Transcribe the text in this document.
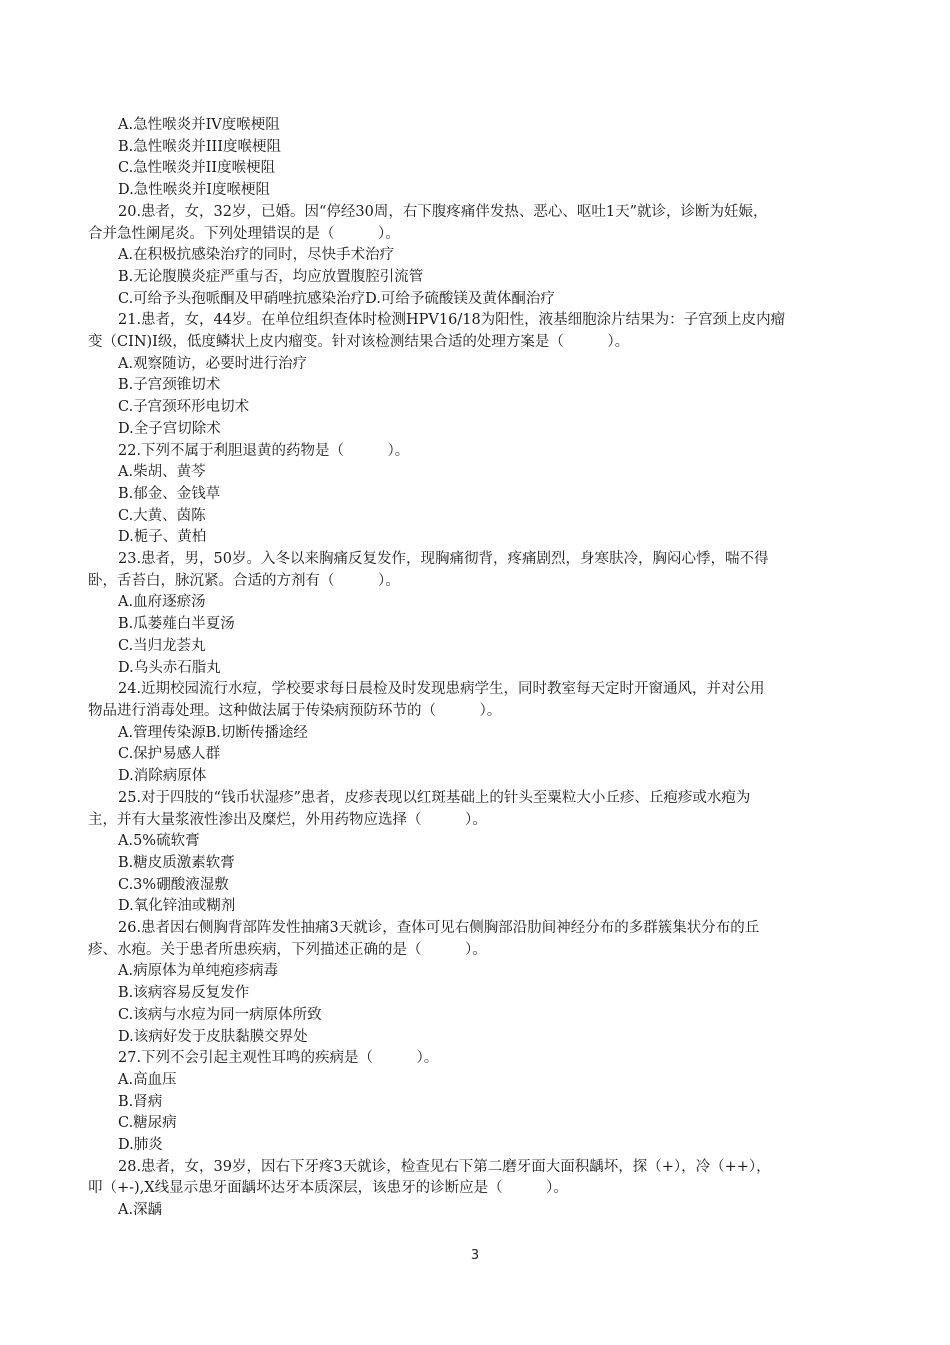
A.急性喉炎并IV度喉梗阻
B.急性喉炎并III度喉梗阻
C.急性喉炎并II度喉梗阻
D.急性喉炎并I度喉梗阻
20.患者，女，32岁，已婚。因“停经30周，右下腹疼痛伴发热、恶心、呕吐1天”就诊，诊断为妊娠，
合并急性阑尾炎。下列处理错误的是（　　　）。
A.在积极抗感染治疗的同时，尽快手术治疗
B.无论腹膜炎症严重与否，均应放置腹腔引流管
C.可给予头孢哌酮及甲硝唑抗感染治疗D.可给予硫酸镁及黄体酮治疗
21.患者，女，44岁。在单位组织查体时检测HPV16/18为阳性，液基细胞涂片结果为：子宫颈上皮内瘤
变（CIN)I级，低度鳞状上皮内瘤变。针对该检测结果合适的处理方案是（　　　）。
A.观察随访，必要时进行治疗
B.子宫颈锥切术
C.子宫颈环形电切术
D.全子宫切除术
22.下列不属于利胆退黄的药物是（　　　）。
A.柴胡、黄芩
B.郁金、金钱草
C.大黄、茵陈
D.栀子、黄柏
23.患者，男，50岁。入冬以来胸痛反复发作，现胸痛彻背，疼痛剧烈，身寒肤冷，胸闷心悸，喘不得
卧，舌苔白，脉沉紧。合适的方剂有（　　　）。
A.血府逐瘀汤
B.瓜蒌薤白半夏汤
C.当归龙荟丸
D.乌头赤石脂丸
24.近期校园流行水痘，学校要求每日晨检及时发现患病学生，同时教室每天定时开窗通风，并对公用
物品进行消毒处理。这种做法属于传染病预防环节的（　　　）。
A.管理传染源B.切断传播途经
C.保护易感人群
D.消除病原体
25.对于四肢的“钱币状湿疹”患者，皮疹表现以红斑基础上的针头至粟粒大小丘疹、丘疱疹或水疱为
主，并有大量浆液性渗出及糜烂，外用药物应选择（　　　）。
A.5%硫软膏
B.糖皮质激素软膏
C.3%硼酸液湿敷
D.氧化锌油或糊剂
26.患者因右侧胸背部阵发性抽痛3天就诊，查体可见右侧胸部沿肋间神经分布的多群簇集状分布的丘
疹、水疱。关于患者所患疾病，下列描述正确的是（　　　）。
A.病原体为单纯疱疹病毒
B.该病容易反复发作
C.该病与水痘为同一病原体所致
D.该病好发于皮肤黏膜交界处
27.下列不会引起主观性耳鸣的疾病是（　　　）。
A.高血压
B.肾病
C.糖尿病
D.肺炎
28.患者，女，39岁，因右下牙疼3天就诊，检查见右下第二磨牙面大面积龋坏，探（+），冷（++），
叩（+-),X线显示患牙面龋坏达牙本质深层，该患牙的诊断应是（　　　）。
A.深龋
3
